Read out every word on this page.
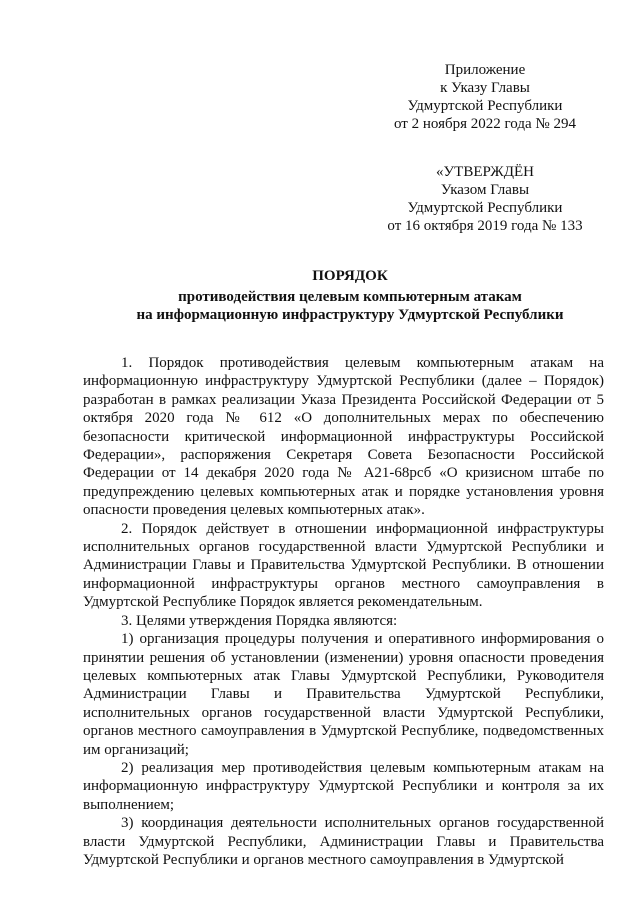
Приложение
к Указу Главы
Удмуртской Республики
от 2 ноября 2022 года № 294
«УТВЕРЖДЁН
Указом Главы
Удмуртской Республики
от 16 октября 2019 года № 133
ПОРЯДОК
противодействия целевым компьютерным атакам
на информационную инфраструктуру Удмуртской Республики

1. Порядок противодействия целевым компьютерным атакам на информационную инфраструктуру Удмуртской Республики (далее – Порядок) разработан в рамках реализации Указа Президента Российской Федерации от 5 октября 2020 года № 612 «О дополнительных мерах по обеспечению безопасности критической информационной инфраструктуры Российской Федерации», распоряжения Секретаря Совета Безопасности Российской Федерации от 14 декабря 2020 года № А21-68рсб «О кризисном штабе по предупреждению целевых компьютерных атак и порядке установления уровня опасности проведения целевых компьютерных атак».

2. Порядок действует в отношении информационной инфраструктуры исполнительных органов государственной власти Удмуртской Республики и Администрации Главы и Правительства Удмуртской Республики. В отношении информационной инфраструктуры органов местного самоуправления в Удмуртской Республике Порядок является рекомендательным.

3. Целями утверждения Порядка являются:

1) организация процедуры получения и оперативного информирования о принятии решения об установлении (изменении) уровня опасности проведения целевых компьютерных атак Главы Удмуртской Республики, Руководителя Администрации Главы и Правительства Удмуртской Республики, исполнительных органов государственной власти Удмуртской Республики, органов местного самоуправления в Удмуртской Республике, подведомственных им организаций;

2) реализация мер противодействия целевым компьютерным атакам на информационную инфраструктуру Удмуртской Республики и контроля за их выполнением;

3) координация деятельности исполнительных органов государственной власти Удмуртской Республики, Администрации Главы и Правительства Удмуртской Республики и органов местного самоуправления в Удмуртской
